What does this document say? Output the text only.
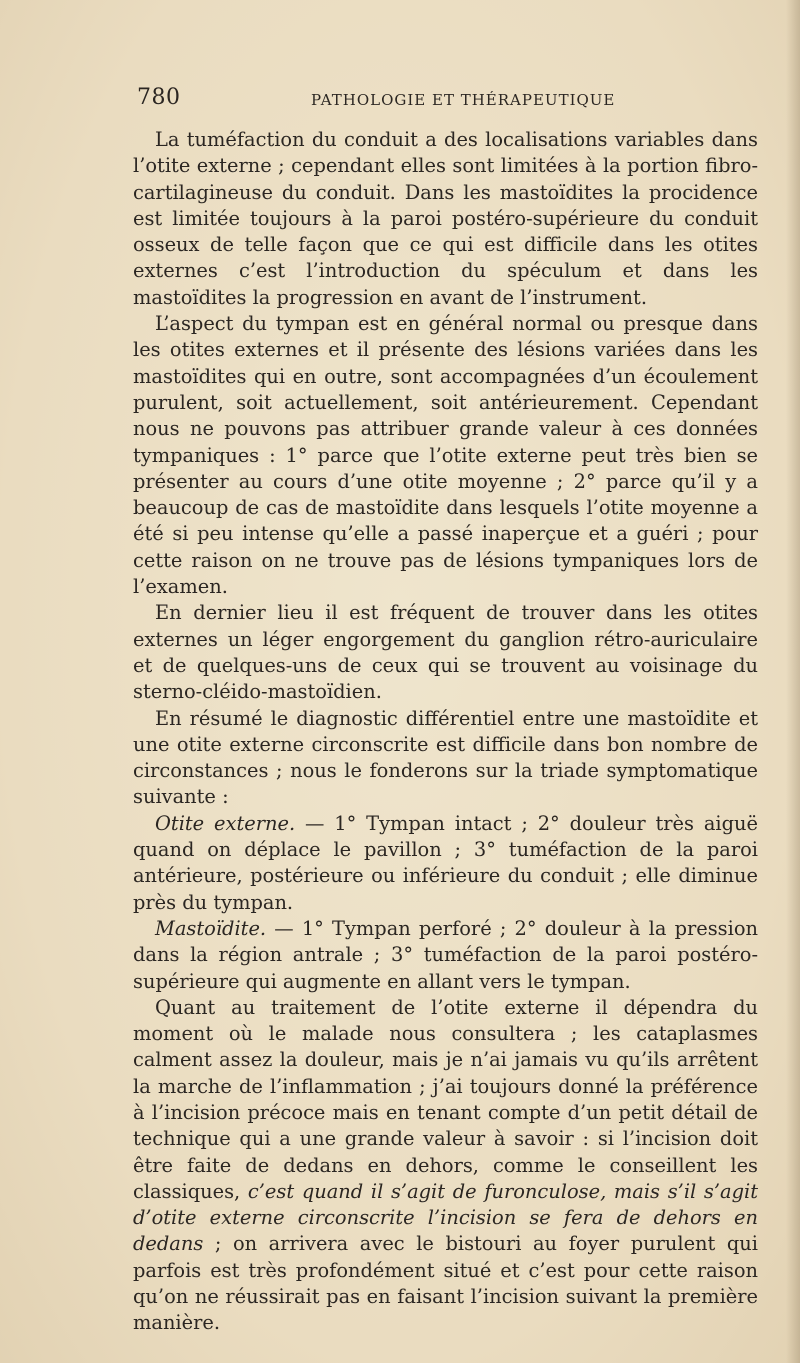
780	PATHOLOGIE ET THÉRAPEUTIQUE

La tuméfaction du conduit a des localisations variables dans l’otite externe ; cependant elles sont limitées à la portion fibro-cartilagineuse du conduit. Dans les mastoïdites la procidence est limitée toujours à la paroi postéro-supérieure du conduit osseux de telle façon que ce qui est difficile dans les otites externes c’est l’introduction du spéculum et dans les mastoïdites la progression en avant de l’instrument.

L’aspect du tympan est en général normal ou presque dans les otites externes et il présente des lésions variées dans les mastoïdites qui en outre, sont accompagnées d’un écoulement purulent, soit actuellement, soit antérieurement. Cependant nous ne pouvons pas attribuer grande valeur à ces données tympaniques : 1° parce que l’otite externe peut très bien se présenter au cours d’une otite moyenne ; 2° parce qu’il y a beaucoup de cas de mastoïdite dans lesquels l’otite moyenne a été si peu intense qu’elle a passé inaperçue et a guéri ; pour cette raison on ne trouve pas de lésions tympaniques lors de l’examen.

En dernier lieu il est fréquent de trouver dans les otites externes un léger engorgement du ganglion rétro-auriculaire et de quelques-uns de ceux qui se trouvent au voisinage du sterno-cléido-mastoïdien.

En résumé le diagnostic différentiel entre une mastoïdite et une otite externe circonscrite est difficile dans bon nombre de circonstances ; nous le fonderons sur la triade symptomatique suivante :

Otite externe. — 1° Tympan intact ; 2° douleur très aiguë quand on déplace le pavillon ; 3° tuméfaction de la paroi antérieure, postérieure ou inférieure du conduit ; elle diminue près du tympan.

Mastoïdite. — 1° Tympan perforé ; 2° douleur à la pression dans la région antrale ; 3° tuméfaction de la paroi postéro-supérieure qui augmente en allant vers le tympan.

Quant au traitement de l’otite externe il dépendra du moment où le malade nous consultera ; les cataplasmes calment assez la douleur, mais je n’ai jamais vu qu’ils arrêtent la marche de l’inflammation ; j’ai toujours donné la préférence à l’incision précoce mais en tenant compte d’un petit détail de technique qui a une grande valeur à savoir : si l’incision doit être faite de dedans en dehors, comme le conseillent les classiques, c’est quand il s’agit de furonculose, mais s’il s’agit d’otite externe circonscrite l’incision se fera de dehors en dedans ; on arrivera avec le bistouri au foyer purulent qui parfois est très profondément situé et c’est pour cette raison qu’on ne réussirait pas en faisant l’incision suivant la première manière.
